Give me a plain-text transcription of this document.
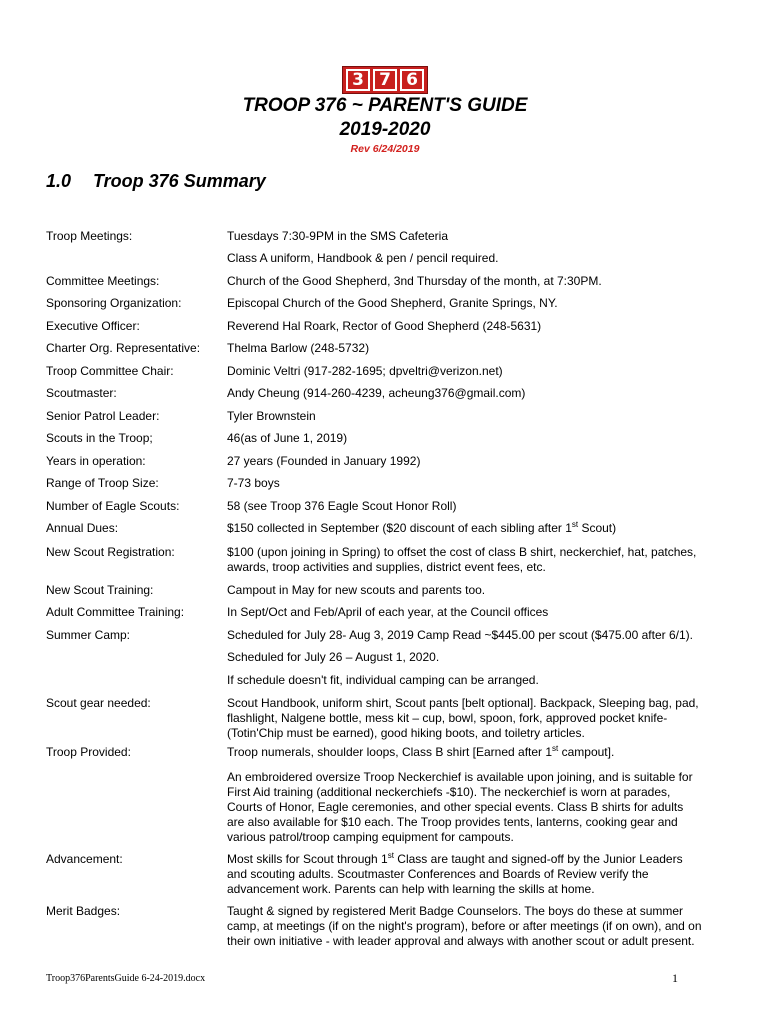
3 7 6
TROOP 376 ~ PARENT'S GUIDE
2019-2020
Rev 6/24/2019
1.0 Troop 376 Summary
Troop Meetings:	Tuesdays 7:30-9PM in the SMS Cafeteria
Class A uniform, Handbook & pen / pencil required.
Committee Meetings:	Church of the Good Shepherd, 3nd Thursday of the month, at 7:30PM.
Sponsoring Organization:	Episcopal Church of the Good Shepherd, Granite Springs, NY.
Executive Officer:	Reverend Hal Roark, Rector of Good Shepherd (248-5631)
Charter Org. Representative:	Thelma Barlow (248-5732)
Troop Committee Chair:	Dominic Veltri (917-282-1695; dpveltri@verizon.net)
Scoutmaster:	Andy Cheung (914-260-4239, acheung376@gmail.com)
Senior Patrol Leader:	Tyler Brownstein
Scouts in the Troop;	46(as of June 1, 2019)
Years in operation:	27 years (Founded in January 1992)
Range of Troop Size:	7-73 boys
Number of Eagle Scouts:	58 (see Troop 376 Eagle Scout Honor Roll)
Annual Dues:	$150 collected in September ($20 discount of each sibling after 1st Scout)
New Scout Registration:	$100 (upon joining in Spring) to offset the cost of class B shirt, neckerchief, hat, patches,
awards, troop activities and supplies, district event fees, etc.
New Scout Training:	Campout in May for new scouts and parents too.
Adult Committee Training:	In Sept/Oct and Feb/April of each year, at the Council offices
Summer Camp:	Scheduled for July 28- Aug 3, 2019 Camp Read ~$445.00 per scout ($475.00 after 6/1).
Scheduled for July 26 – August 1, 2020.
If schedule doesn't fit, individual camping can be arranged.
Scout gear needed:	Scout Handbook, uniform shirt, Scout pants [belt optional]. Backpack, Sleeping bag, pad,
flashlight, Nalgene bottle, mess kit – cup, bowl, spoon, fork, approved pocket knife-
(Totin'Chip must be earned), good hiking boots, and toiletry articles.
Troop Provided:	Troop numerals, shoulder loops, Class B shirt [Earned after 1st campout].
An embroidered oversize Troop Neckerchief is available upon joining, and is suitable for
First Aid training (additional neckerchiefs -$10). The neckerchief is worn at parades,
Courts of Honor, Eagle ceremonies, and other special events. Class B shirts for adults
are also available for $10 each. The Troop provides tents, lanterns, cooking gear and
various patrol/troop camping equipment for campouts.
Advancement:	Most skills for Scout through 1st Class are taught and signed-off by the Junior Leaders
and scouting adults. Scoutmaster Conferences and Boards of Review verify the
advancement work. Parents can help with learning the skills at home.
Merit Badges:	Taught & signed by registered Merit Badge Counselors. The boys do these at summer
camp, at meetings (if on the night's program), before or after meetings (if on own), and on
their own initiative - with leader approval and always with another scout or adult present.
Troop376ParentsGuide 6-24-2019.docx	1
